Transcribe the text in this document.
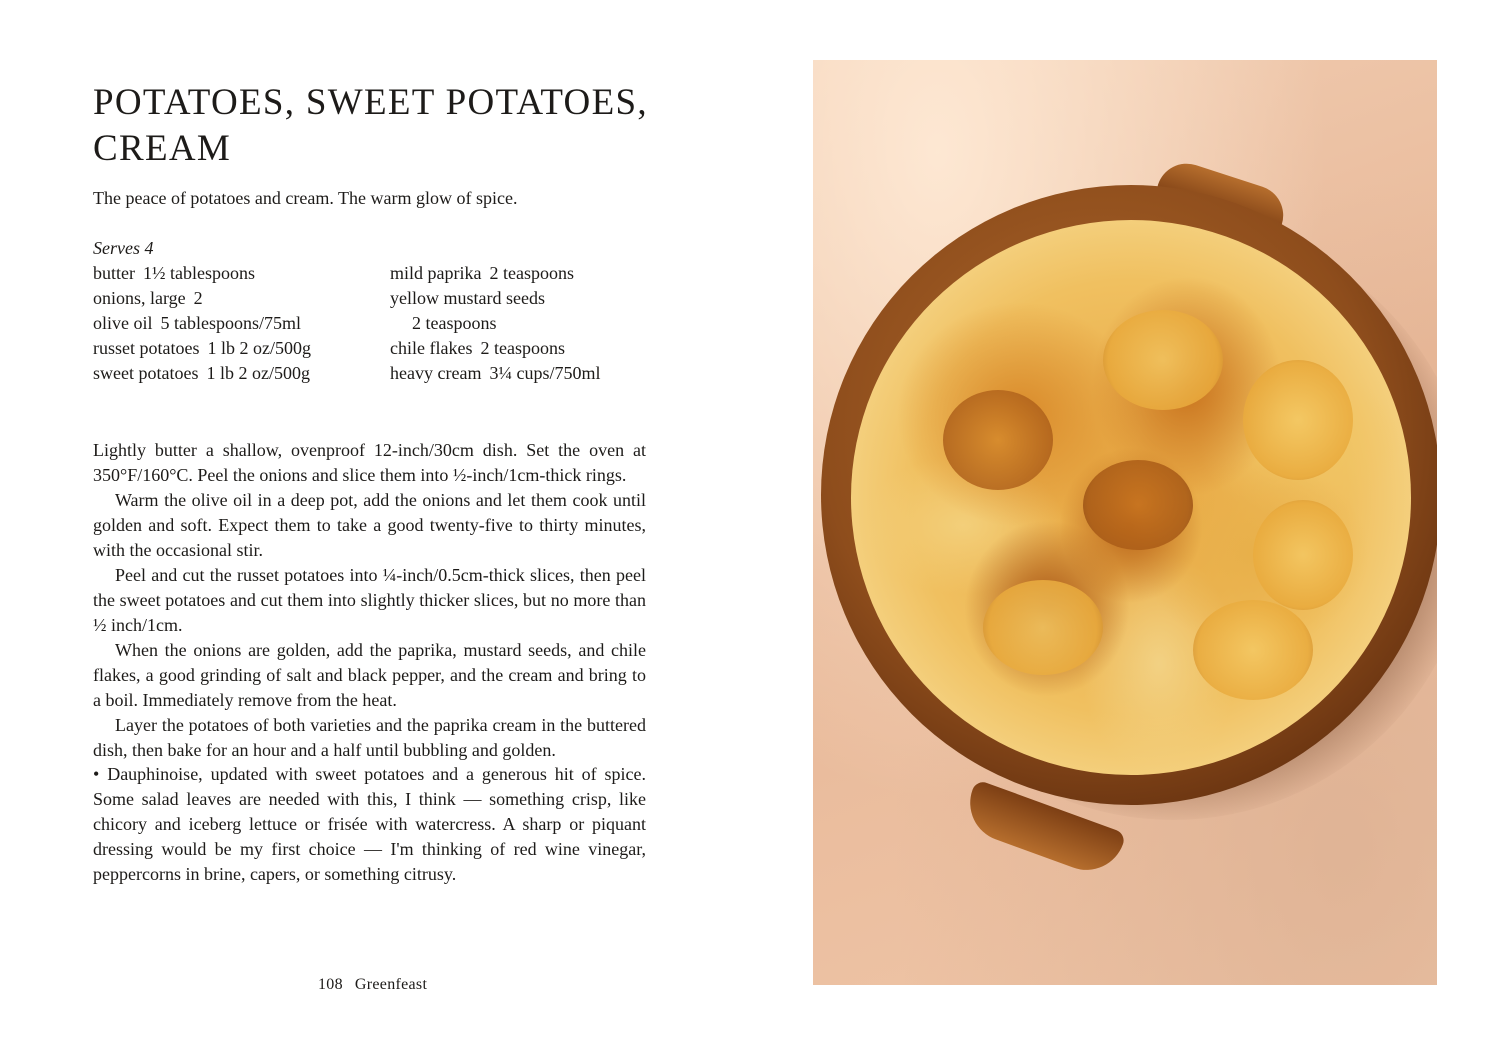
POTATOES, SWEET POTATOES, CREAM

The peace of potatoes and cream. The warm glow of spice.

Serves 4
butter 1½ tablespoons
onions, large 2
olive oil 5 tablespoons/75ml
russet potatoes 1 lb 2 oz/500g
sweet potatoes 1 lb 2 oz/500g
mild paprika 2 teaspoons
yellow mustard seeds
2 teaspoons
chile flakes 2 teaspoons
heavy cream 3¼ cups/750ml

Lightly butter a shallow, ovenproof 12-inch/30cm dish. Set the oven at 350°F/160°C. Peel the onions and slice them into ½-inch/1cm-thick rings.

Warm the olive oil in a deep pot, add the onions and let them cook until golden and soft. Expect them to take a good twenty-five to thirty minutes, with the occasional stir.

Peel and cut the russet potatoes into ¼-inch/0.5cm-thick slices, then peel the sweet potatoes and cut them into slightly thicker slices, but no more than ½ inch/1cm.

When the onions are golden, add the paprika, mustard seeds, and chile flakes, a good grinding of salt and black pepper, and the cream and bring to a boil. Immediately remove from the heat.

Layer the potatoes of both varieties and the paprika cream in the buttered dish, then bake for an hour and a half until bubbling and golden.

• Dauphinoise, updated with sweet potatoes and a generous hit of spice. Some salad leaves are needed with this, I think — something crisp, like chicory and iceberg lettuce or frisée with watercress. A sharp or piquant dressing would be my first choice — I'm thinking of red wine vinegar, peppercorns in brine, capers, or something citrusy.

108 Greenfeast
